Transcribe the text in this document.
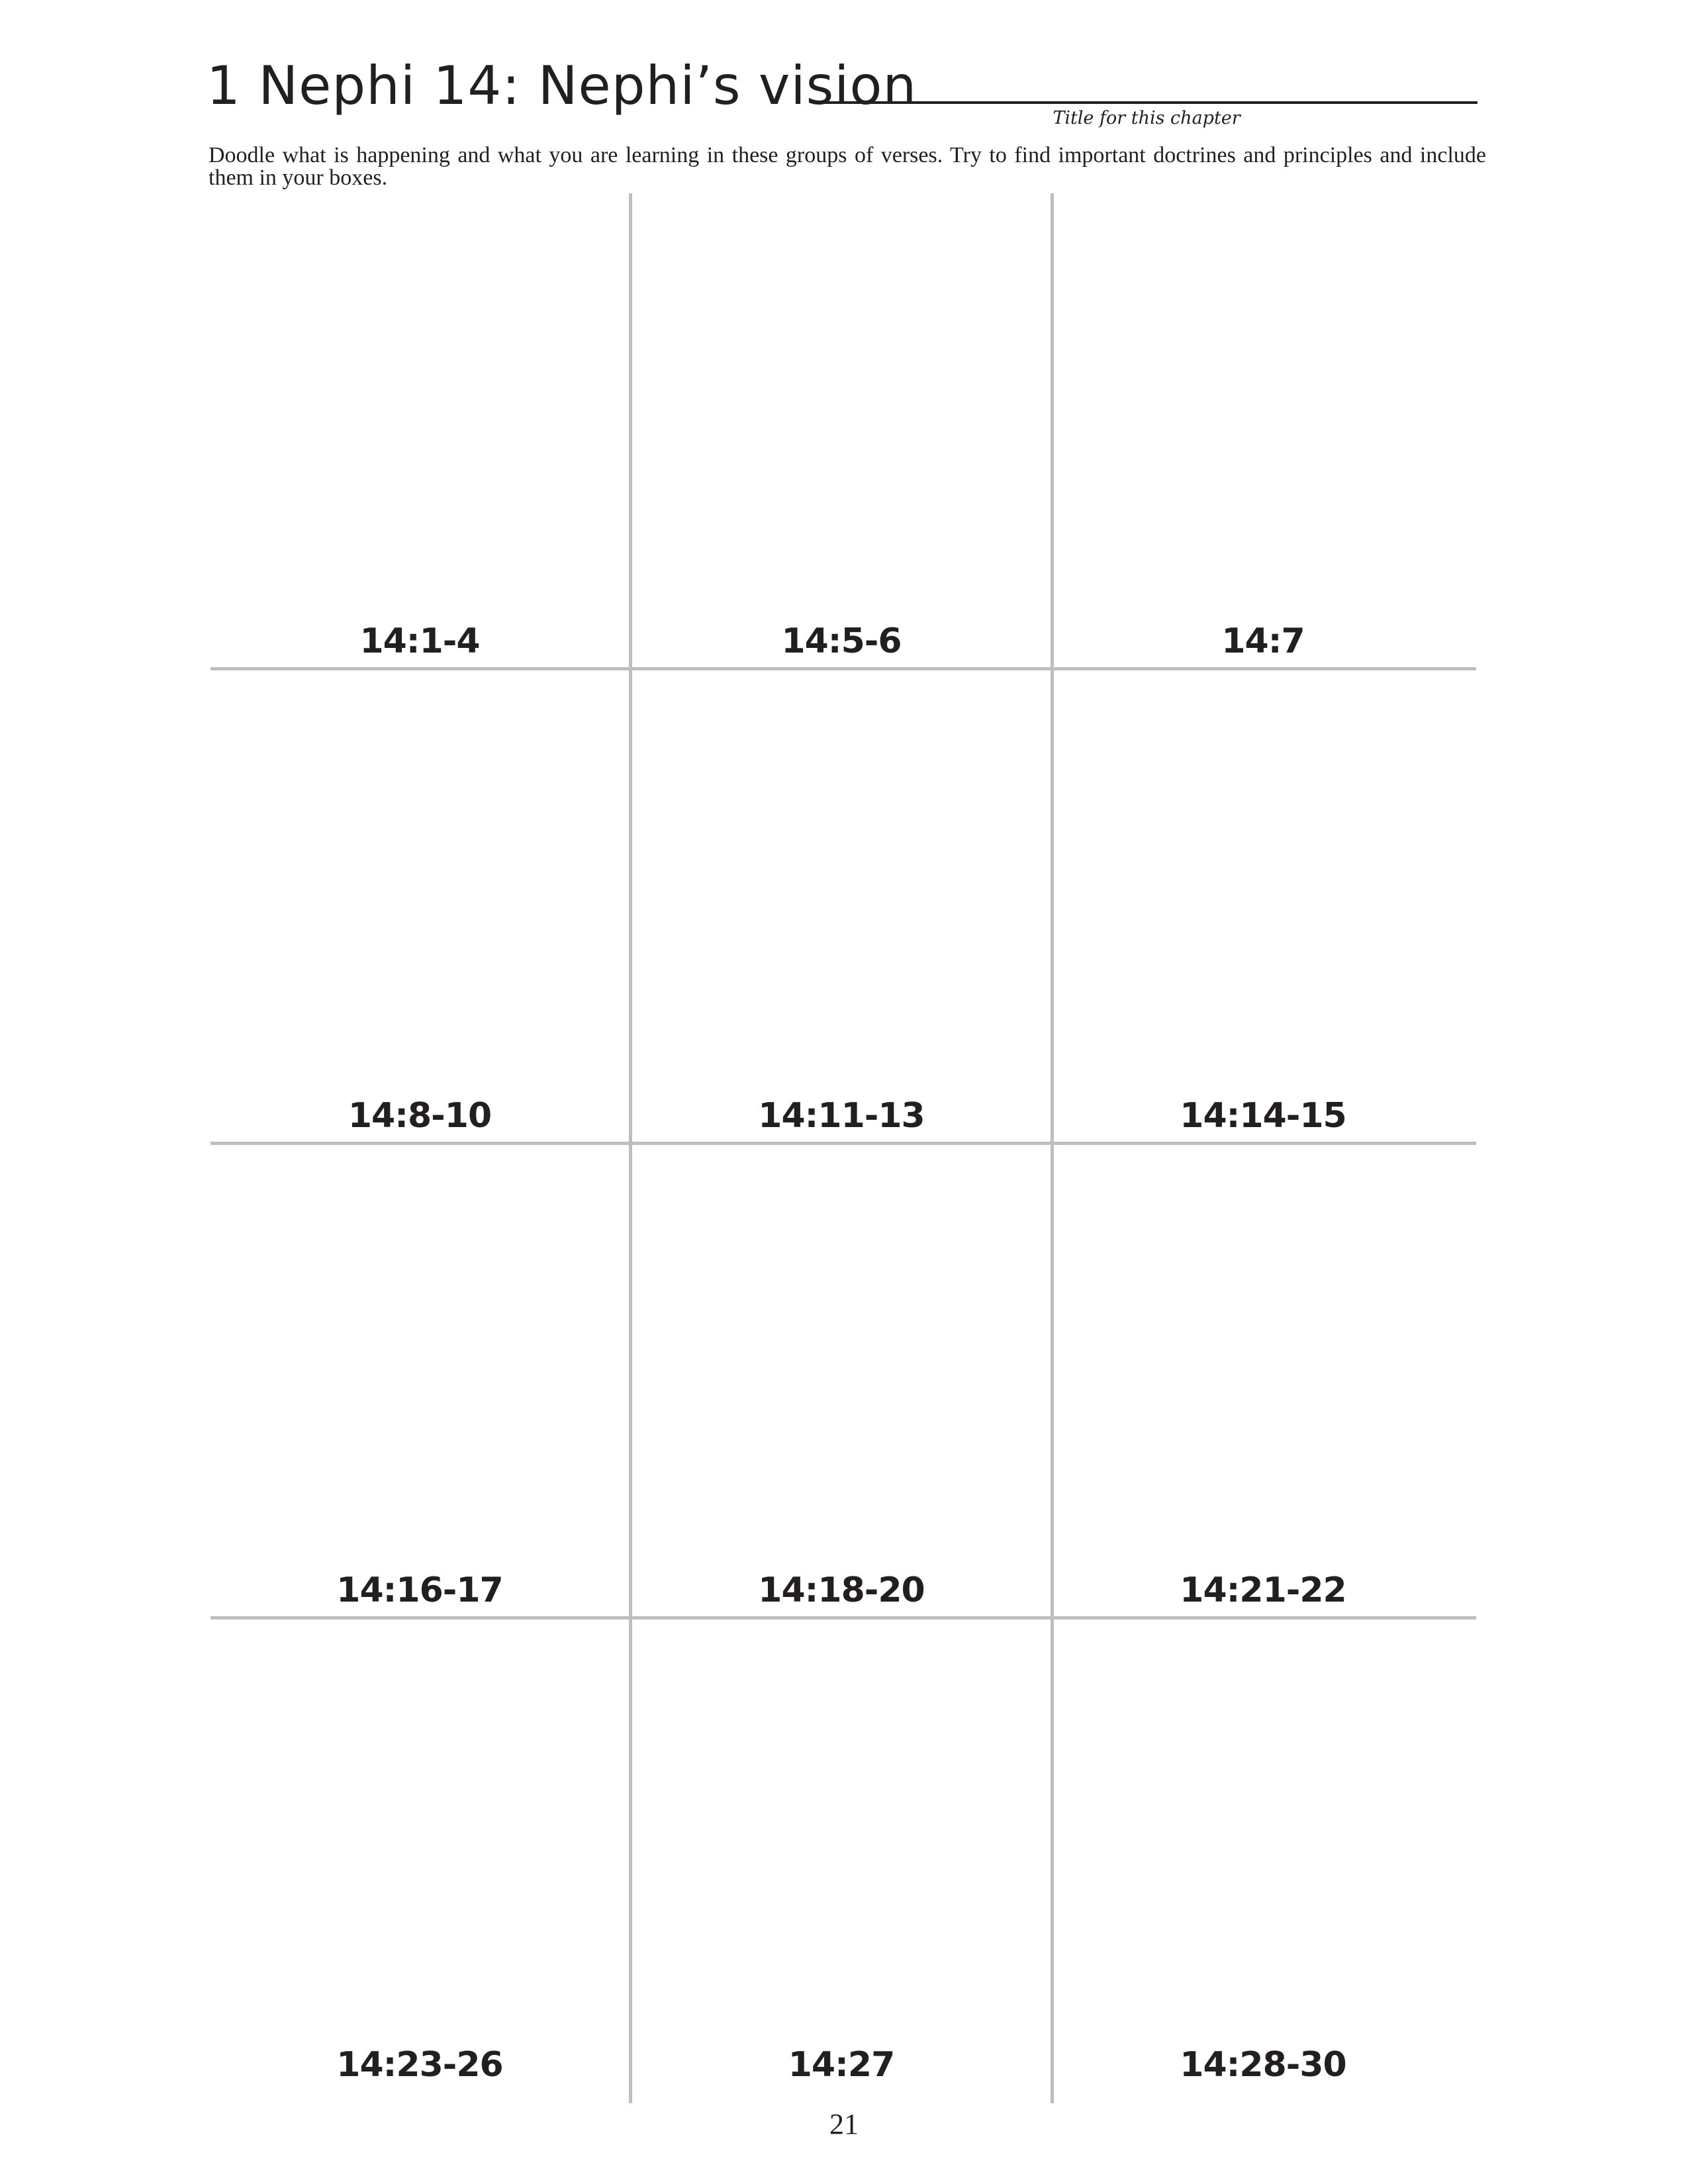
1 Nephi 14: Nephi’s vision
Title for this chapter
Doodle what is happening and what you are learning in these groups of verses. Try to find important doctrines and principles and include them in your boxes.
14:1-4	14:5-6	14:7
14:8-10	14:11-13	14:14-15
14:16-17	14:18-20	14:21-22
14:23-26	14:27	14:28-30
21
